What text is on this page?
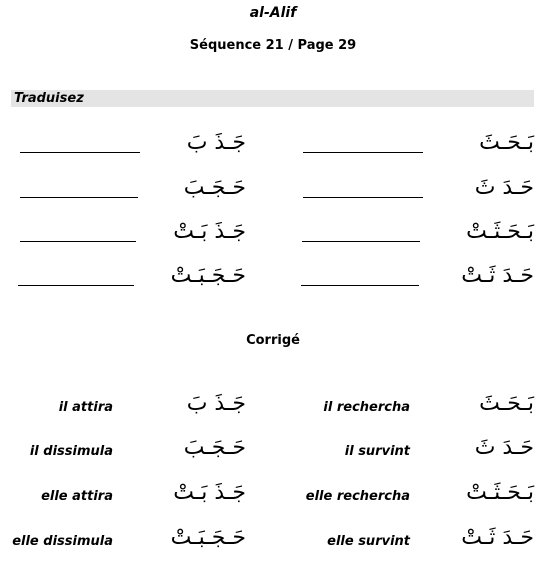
al-Alif
Séquence 21 / Page 29
Traduisez
جَـذَ بَ	بَـحَـثَ
حَـجَـبَ	حَـدَ ثَ
جَـذَ بَـتْ	بَـحَـثَـتْ
حَـجَـبَـتْ	حَـدَ ثَـتْ
Corrigé
il attira	جَـذَ بَ	il rechercha	بَـحَـثَ
il dissimula	حَـجَـبَ	il survint	حَـدَ ثَ
elle attira	جَـذَ بَـتْ	elle rechercha	بَـحَـثَـتْ
elle dissimula	حَـجَـبَـتْ	elle survint	حَـدَ ثَـتْ
